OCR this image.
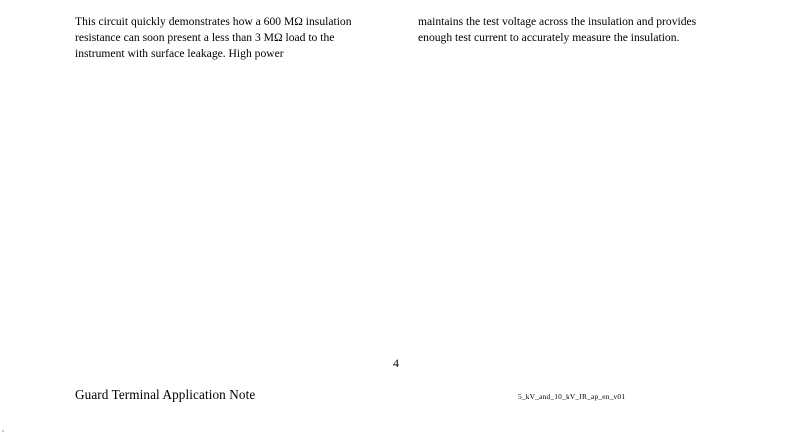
This circuit quickly demonstrates how a 600 MΩ insulation resistance can soon present a less than 3 MΩ load to the instrument with surface leakage. High power

maintains the test voltage across the insulation and provides enough test current to accurately measure the insulation.

4
Guard Terminal Application Note	5_kV_and_10_kV_IR_ap_en_v01
